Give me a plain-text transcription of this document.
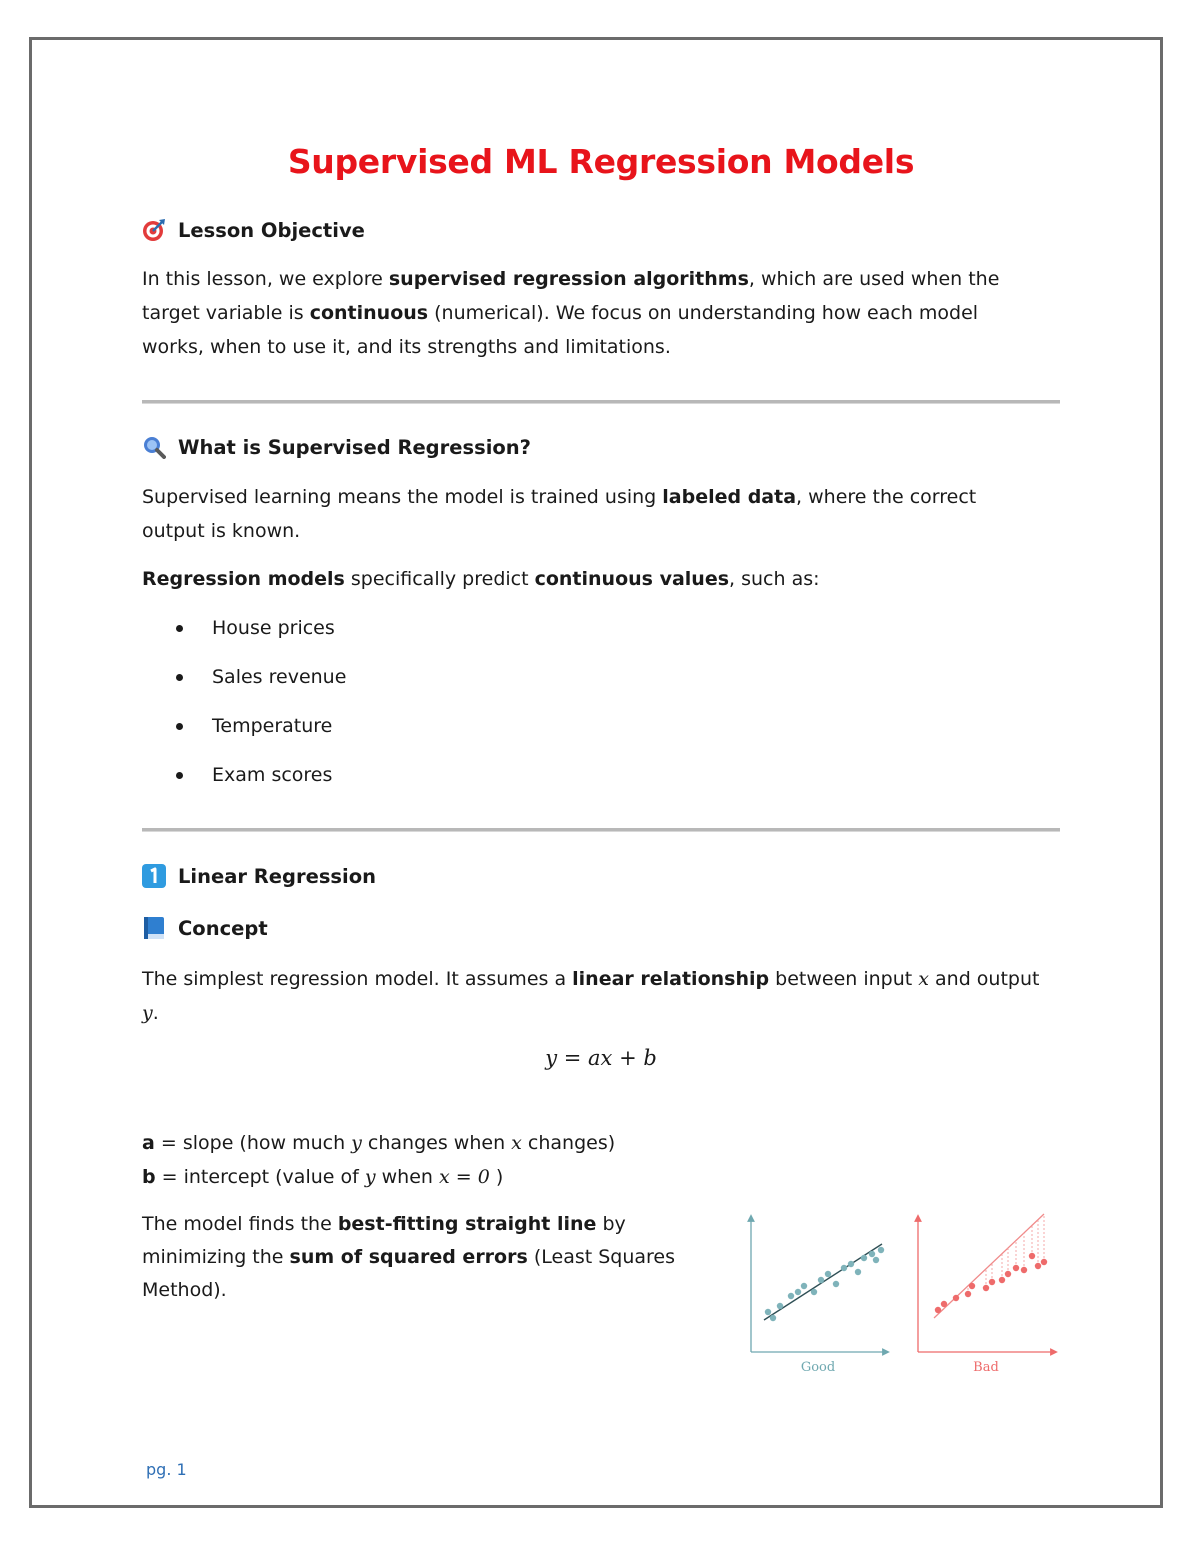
Supervised ML Regression Models
Lesson Objective

In this lesson, we explore supervised regression algorithms, which are used when the target variable is continuous (numerical). We focus on understanding how each model works, when to use it, and its strengths and limitations.

What is Supervised Regression?

Supervised learning means the model is trained using labeled data, where the correct output is known.

Regression models specifically predict continuous values, such as:

House prices
Sales revenue
Temperature
Exam scores
Linear Regression
Concept

The simplest regression model. It assumes a linear relationship between input x and output y.

y = ax + b

a = slope (how much y changes when x changes)
b = intercept (value of y when x = 0 )

The model finds the best-fitting straight line by minimizing the sum of squared errors (Least Squares Method).

Good	Bad
pg. 1
